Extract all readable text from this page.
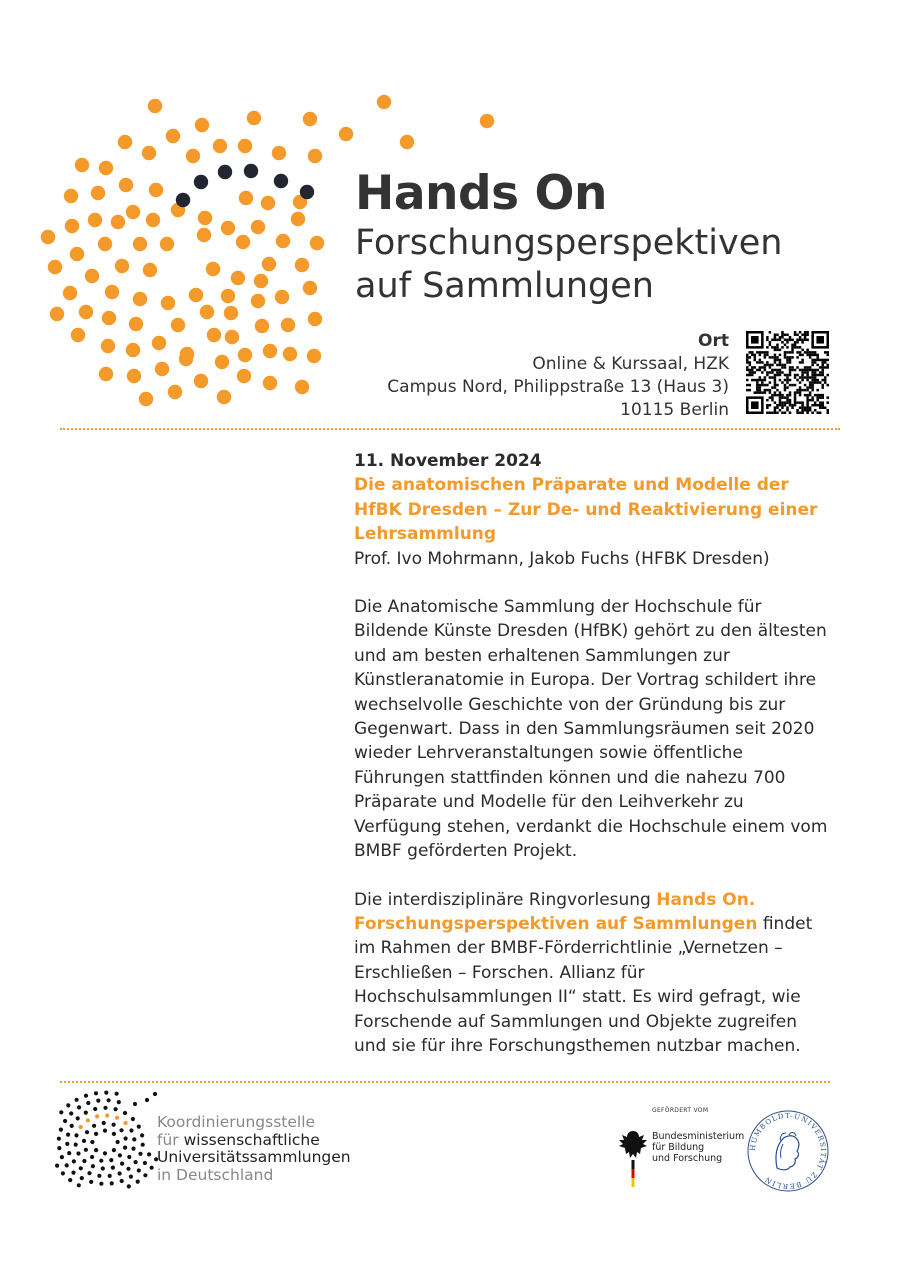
Hands On
Forschungsperspektiven
auf Sammlungen
Ort
Online & Kurssaal, HZK
Campus Nord, Philippstraße 13 (Haus 3)
10115 Berlin
11. November 2024
Die anatomischen Präparate und Modelle der HfBK Dresden – Zur De- und Reaktivierung einer Lehrsammlung
Prof. Ivo Mohrmann, Jakob Fuchs (HFBK Dresden)
Die Anatomische Sammlung der Hochschule für Bildende Künste Dresden (HfBK) gehört zu den ältesten und am besten erhaltenen Sammlungen zur Künstleranatomie in Europa. Der Vortrag schildert ihre wechselvolle Geschichte von der Gründung bis zur Gegenwart. Dass in den Sammlungsräumen seit 2020 wieder Lehrveranstaltungen sowie öffentliche Führungen stattfinden können und die nahezu 700 Präparate und Modelle für den Leihverkehr zu Verfügung stehen, verdankt die Hochschule einem vom BMBF geförderten Projekt.
Die interdisziplinäre Ringvorlesung Hands On. Forschungsperspektiven auf Sammlungen findet im Rahmen der BMBF-Förderrichtlinie „Vernetzen – Erschließen – Forschen. Allianz für Hochschulsammlungen II“ statt. Es wird gefragt, wie Forschende auf Sammlungen und Objekte zugreifen und sie für ihre Forschungsthemen nutzbar machen.
Koordinierungsstelle
für wissenschaftliche
Universitätssammlungen
in Deutschland
GEFÖRDERT VOM
Bundesministerium
für Bildung
und Forschung
HUMBOLDT-UNIVERSITÄT ZU BERLIN
